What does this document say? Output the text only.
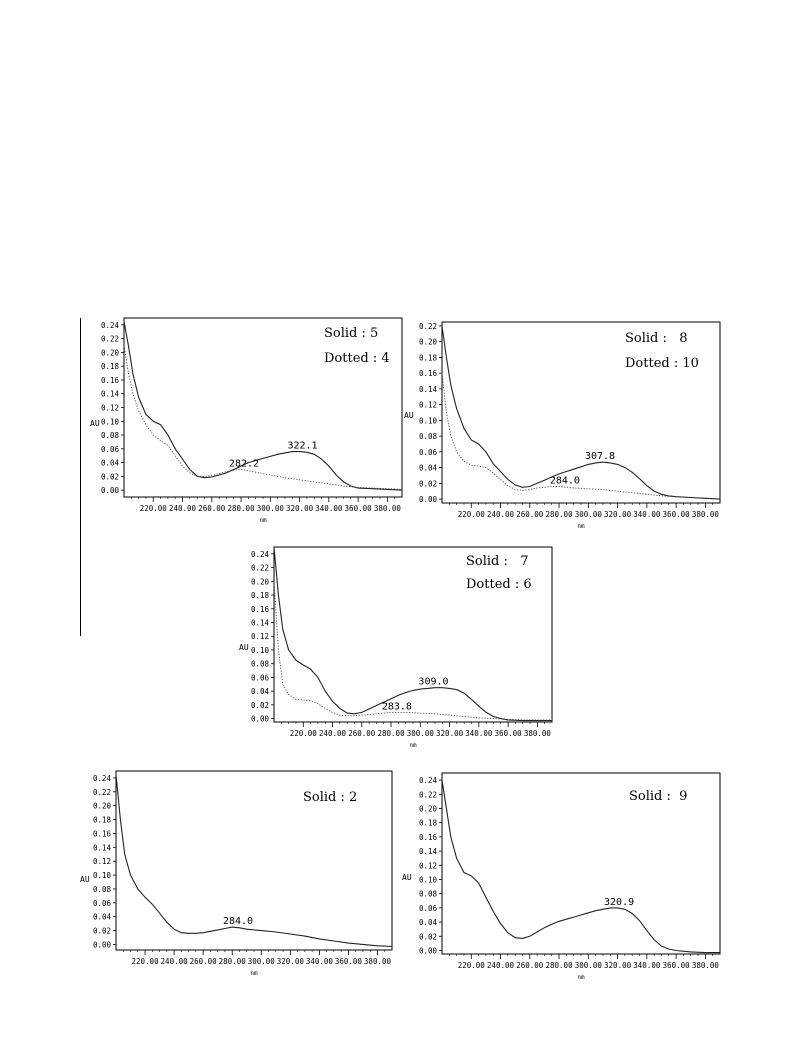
220.00 240.00 260.00 280.00 300.00 320.00 340.00 360.00 380.00
0.00
0.02
0.04
0.06
0.08
0.10
0.12
0.14
0.16
0.18
0.20
0.22
0.24
AU
nm
322.1
282.2
Solid : 5
Dotted : 4
220.00 240.00 260.00 280.00 300.00 320.00 340.00 360.00 380.00
0.00
0.02
0.04
0.06
0.08
0.10
0.12
0.14
0.16
0.18
0.20
0.22
AU
nm
307.8
284.0
Solid :   8
Dotted : 10
220.00 240.00 260.00 280.00 300.00 320.00 340.00 360.00 380.00
0.00
0.02
0.04
0.06
0.08
0.10
0.12
0.14
0.16
0.18
0.20
0.22
0.24
AU
nm
309.0
283.8
Solid :   7
Dotted : 6
220.00 240.00 260.00 280.00 300.00 320.00 340.00 360.00 380.00
0.00
0.02
0.04
0.06
0.08
0.10
0.12
0.14
0.16
0.18
0.20
0.22
0.24
AU
nm
284.0
Solid : 2
220.00 240.00 260.00 280.00 300.00 320.00 340.00 360.00 380.00
0.00
0.02
0.04
0.06
0.08
0.10
0.12
0.14
0.16
0.18
0.20
0.22
0.24
AU
nm
320.9
Solid :  9
